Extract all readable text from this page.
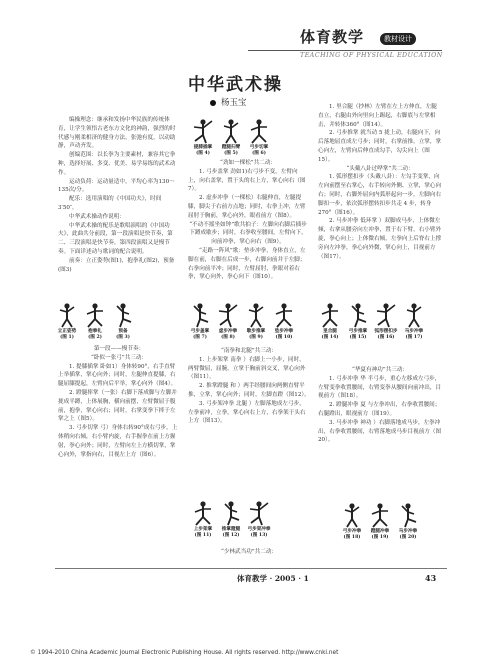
体育教学	教材设计
TEACHING OF PHYSICAL EDUCATION
中华武术操
杨玉宝

编操理念：继承和发扬中华民族的传统体育，让学生领悟古老东方文化的神韵，强烈的时代感与刚柔相济的健身方法，张弛有度，以动助静，声动齐发。

创编范围：以长拳为主要素材，兼容其它拳种，选择好展、多变、优美、易学易练的武术动作。

运动负荷：运动量适中，平均心率为130～135次/分。

配乐：选用演唱的《中国功夫》，时间3′50″。

中华武术操动作说明：

中华武术操的配乐是歌唱演唱的《中国功夫》，此曲共分前段，第一段演唱是快节奏，第二、三段演唱是快节奏，第四段演唱又是慢节奏。下面详述动与歌词的配合说明。

前奏：立正姿势(图1)，抱拳礼(图2)，预备(图3)

提膝插掌
(图 4)
蹬腿扫臂
(图 5)
弓步切掌
(图 6)

“劲如一棵松”共二动：

1. 弓步盖掌 劲如1)右弓步不变，左臂向上，向右盖掌，置于头的右上方，掌心向右（图7）。

2. 虚步冲拳（一棵松）右腿伸直，左腿提膝，脚尖于右前方点地；同时，右拳上冲，左臂屈肘于胸前，掌心向外，眼看前方（图8）。

“不动不摇坐如钟”歌共拍子：左脚向右脚后插步下蹲成歇步；同时，右拳收至腰间，左臂向下，向前冲拳，掌心向右（图9）。

“走路一阵风”歌：垫步冲拳，身体直立，左脚在前，右脚在后成一步，右脚向前并于左脚；右拳向前平冲；同时，左臂屈肘，拳眼对着右拳，掌心向外，拳心向下（图10）。

1. 里合腿（抄林）左臂在左上方伸直，左腿直立，右腿由外向里向上踢起，右脚底与左掌相击，并转体360°（图14）。

2. 弓步推掌 就当动 5 拢上动，右腿向下，向后落地屈直成左弓步；同时，右掌前推，立掌，掌心向左，左臂向后伸直成勾手，勾尖向上（图15）。

“头戴八卦过哗掌”共二动：

1. 弧形摆扣步（头戴八卦）：左勾手变掌，向左向前摆至右掌心，右手转向外侧、立掌，掌心向右；同时，右脚外屈向内弧形起向一步，左脚向右脚扣一步，依次弧形摆转扣步共走 4 步，转身270°（图16）。

2. 马步冲拳 低环掌 ）双脚成马步，上体微左倾，右拿从腰旁向左冲拳，置于右下臂，右小臂外旋，拳心向上；上体微右倾，左拳向上后脊右上撑旁向左冲拳，拳心向外微，掌心向上，目视前方（图17）。

立正姿势
(图 1)
抱拳礼
(图 2)
预备
(图 3)
弓步盖掌
(图 7)
虚步冲拳
(图 8)
歇步推掌
(图 9)
垫步冲拳
(图 10)
里合腿
(图 14)
弓步推掌
(图 15)
弧形摆扣步
(图 16)
马步冲拳
(图 17)

第一段——慢节奏：

“卧似一张弓”共三动：

1. 提膝插掌 卧如1）身体转90°，右手直臂上举插掌，掌心向外；同时，左腿伸直提膝，右腿屈膝提起，左臂向后平举，掌心向外（图4）。

2. 蹬腿摔掌（一张）右脚下落成脚与左脚并拢成半蹲，上体展胸，横向前摆，左臂微屈于腹前，抱拳，掌心向右；同时，右掌变拳下摔于左掌之上（图5）。

3. 弓步切掌 弓）身体右转90°成右弓步，上体稍向右倾，右小臂内旋，右手握拳在前上方握射，拳心向外；同时，左臂向左上方横切掌，掌心向外，掌指向右，目视左上方（图6）。

“南拳和北腿”共三动：

1. 上步架掌 南拳 ）右脚上一小步，同时，两臂微屈，屈腕，立掌于胸前斜交叉，掌心向外（图11）。

2. 推掌蹬腿 和 ）两手经腰间向两侧直臂平推，立掌，掌心向外；同时，左脚直蹬（图12）。

3. 弓步架冲拳 北腿 ）左脚落地成左弓步，左拳前冲，立拳，掌心向右上方，右拳架于头右上方（图13）。

上步架掌
(图 11)
推掌蹬腿
(图 12)
弓步架冲拳
(图 13)

“少林武当功”共二动：

“华夏有神功”共三动：

1. 弓步冲拳 华 半弓步，重心左移成左弓步，左臂变拳收置腰间，右臂变拳从腰间向前冲出，目视前方（图18）。

2. 蹬腿冲拳 夏 与左拳冲出，右拳收置腰间；右腿蹬出，眼视前方（图19）。

3. 马步冲拳 神功 ）右脚落地成马步，左拳冲出，右拳收置腰间，右臂落地成马步目视前方（图20）。

弓步冲拳
(图 18)
蹬腿冲拳
(图 19)
马步冲拳
(图 20)
体育教学 · 2005 · 1	43
© 1994-2010 China Academic Journal Electronic Publishing House. All rights reserved. http://www.cnki.net
